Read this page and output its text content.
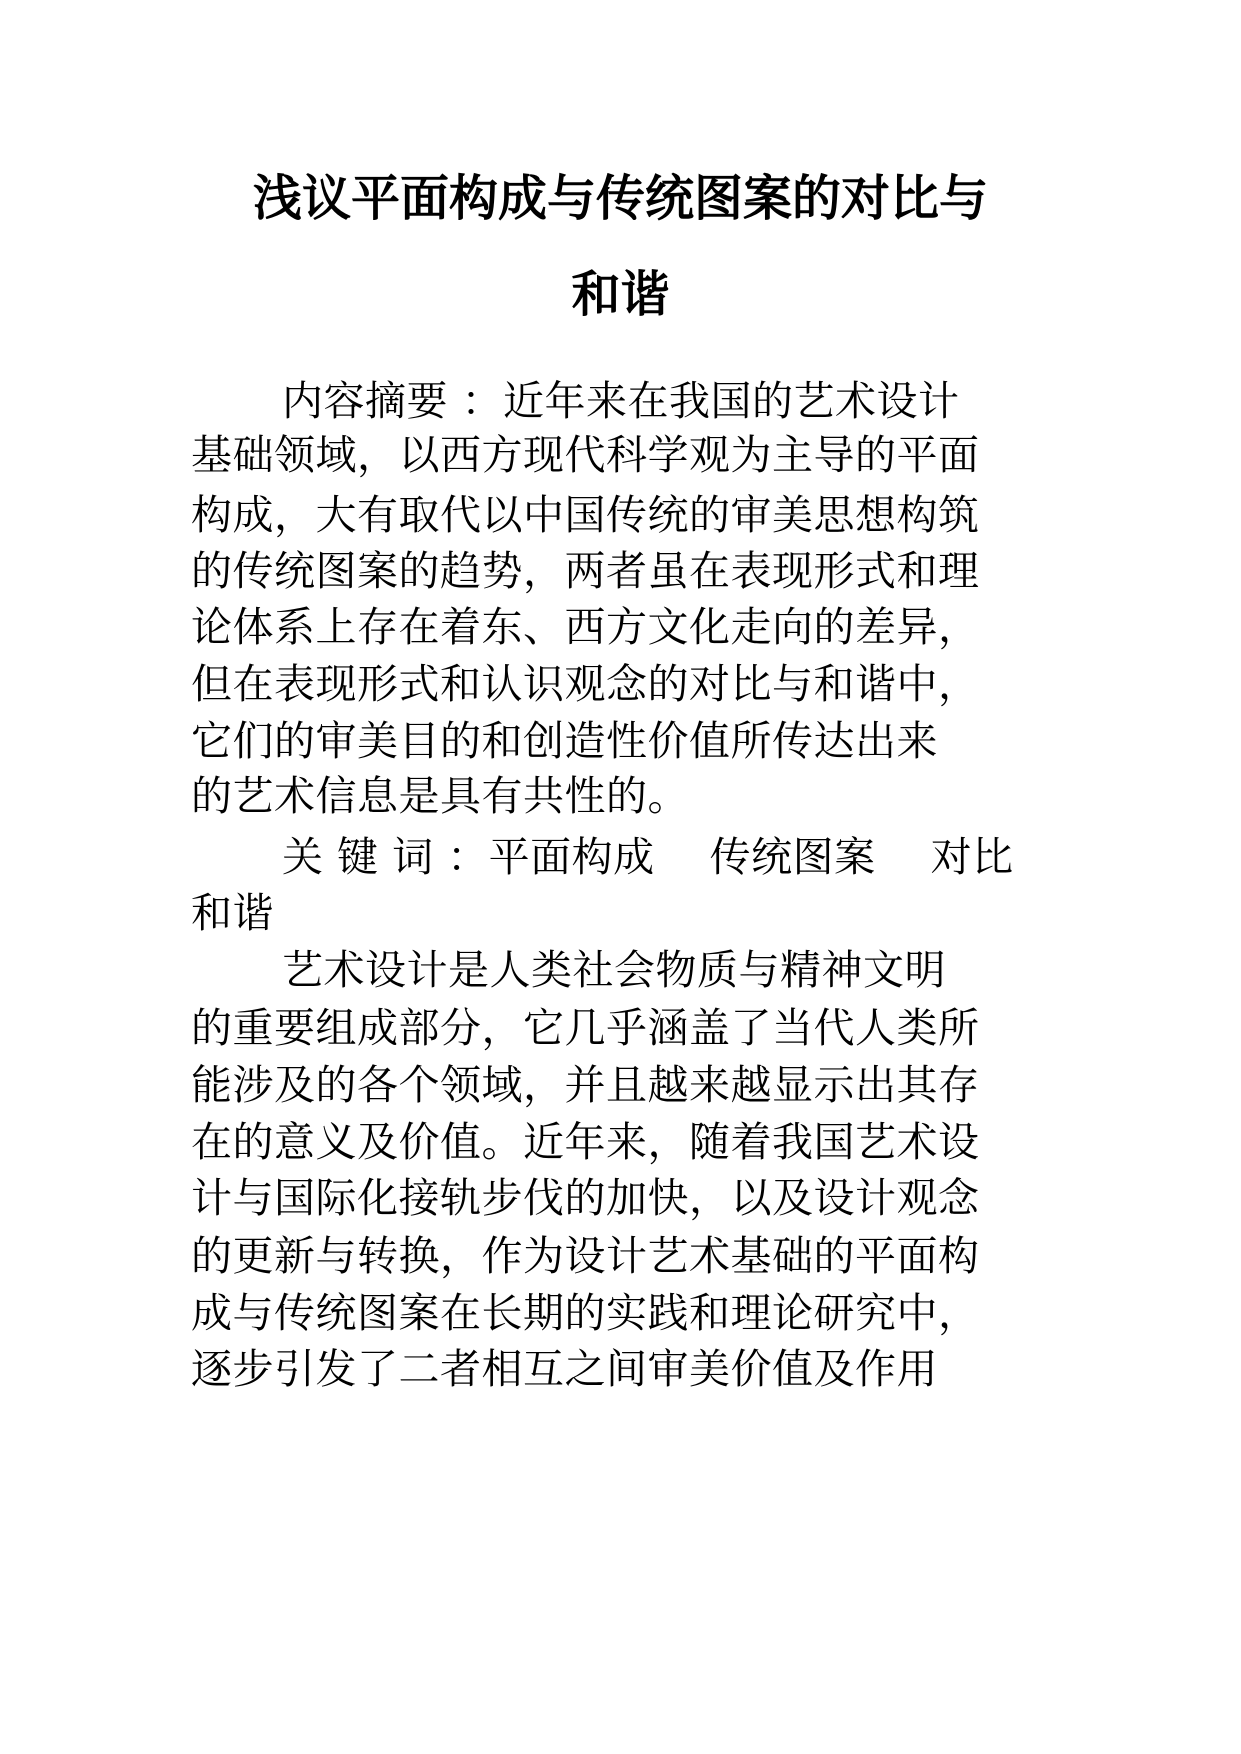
浅议平面构成与传统图案的对比与
和谐
内容摘要 ：近年来在我国的艺术设计
基础领域，以西方现代科学观为主导的平面
构成，大有取代以中国传统的审美思想构筑
的传统图案的趋势，两者虽在表现形式和理
论体系上存在着东、西方文化走向的差异，
但在表现形式和认识观念的对比与和谐中，
它们的审美目的和创造性价值所传达出来
的艺术信息是具有共性的。
关 键 词 ：平面构成　 传统图案　 对比
和谐
艺术设计是人类社会物质与精神文明
的重要组成部分，它几乎涵盖了当代人类所
能涉及的各个领域，并且越来越显示出其存
在的意义及价值。近年来，随着我国艺术设
计与国际化接轨步伐的加快，以及设计观念
的更新与转换，作为设计艺术基础的平面构
成与传统图案在长期的实践和理论研究中，
逐步引发了二者相互之间审美价值及作用
